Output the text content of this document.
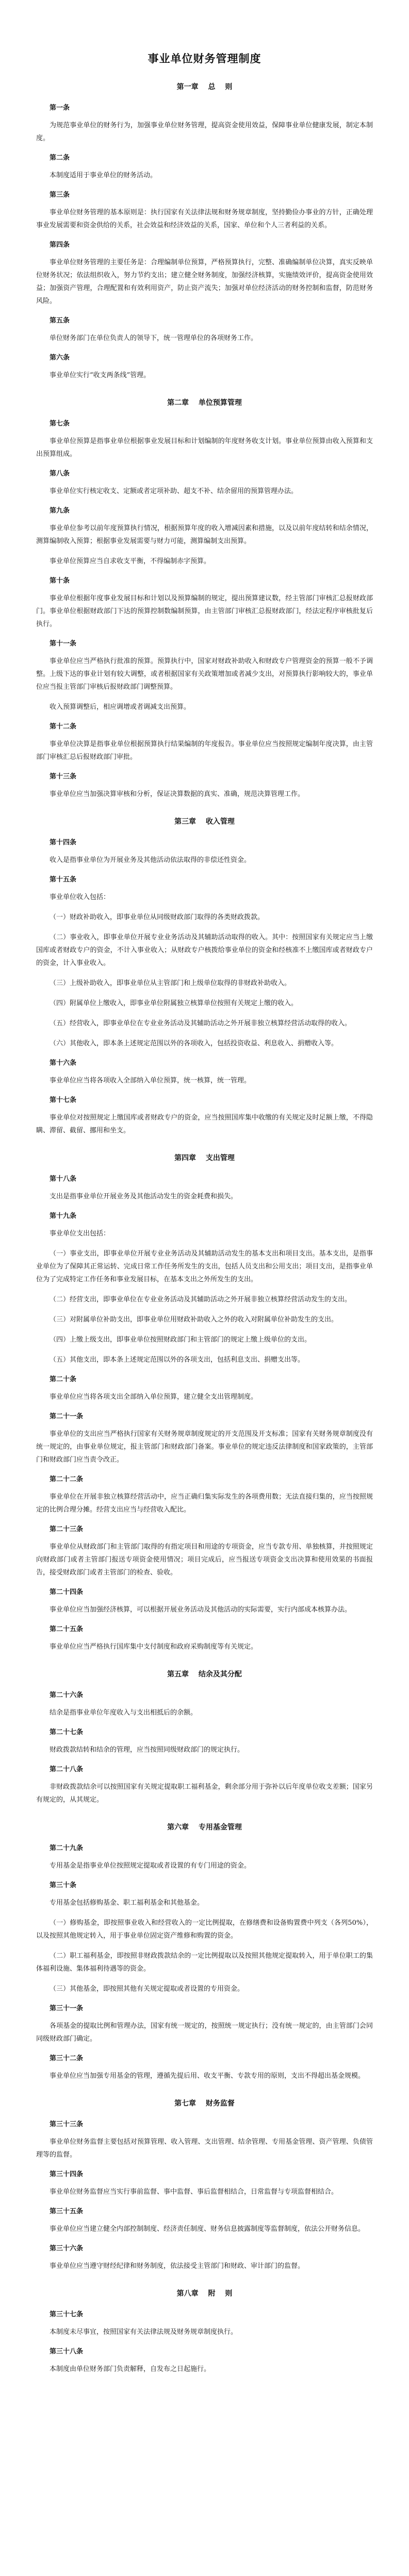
事业单位财务管理制度
第一章 总 则
第一条
为规范事业单位的财务行为，加强事业单位财务管理，提高资金使用效益，保障事业单位健康发展，制定本制度。
第二条
本制度适用于事业单位的财务活动。
第三条
事业单位财务管理的基本原则是：执行国家有关法律法规和财务规章制度，坚持勤俭办事业的方针，正确处理事业发展需要和资金供给的关系，社会效益和经济效益的关系，国家、单位和个人三者利益的关系。
第四条
事业单位财务管理的主要任务是：合理编制单位预算，严格预算执行，完整、准确编制单位决算，真实反映单位财务状况；依法组织收入，努力节约支出；建立健全财务制度，加强经济核算，实施绩效评价，提高资金使用效益；加强资产管理，合理配置和有效利用资产，防止资产流失；加强对单位经济活动的财务控制和监督，防范财务风险。
第五条
单位财务部门在单位负责人的领导下，统一管理单位的各项财务工作。
第六条
事业单位实行“收支两条线”管理。
第二章 单位预算管理
第七条
事业单位预算是指事业单位根据事业发展目标和计划编制的年度财务收支计划。事业单位预算由收入预算和支出预算组成。
第八条
事业单位实行核定收支、定额或者定项补助、超支不补、结余留用的预算管理办法。
第九条
事业单位参考以前年度预算执行情况，根据预算年度的收入增减因素和措施，以及以前年度结转和结余情况，测算编制收入预算；根据事业发展需要与财力可能，测算编制支出预算。
事业单位预算应当自求收支平衡，不得编制赤字预算。
第十条
事业单位根据年度事业发展目标和计划以及预算编制的规定，提出预算建议数，经主管部门审核汇总报财政部门。事业单位根据财政部门下达的预算控制数编制预算，由主管部门审核汇总报财政部门，经法定程序审核批复后执行。
第十一条
事业单位应当严格执行批准的预算。预算执行中，国家对财政补助收入和财政专户管理资金的预算一般不予调整。上级下达的事业计划有较大调整，或者根据国家有关政策增加或者减少支出，对预算执行影响较大的，事业单位应当报主管部门审核后报财政部门调整预算。
收入预算调整后，相应调增或者调减支出预算。
第十二条
事业单位决算是指事业单位根据预算执行结果编制的年度报告。事业单位应当按照规定编制年度决算，由主管部门审核汇总后报财政部门审批。
第十三条
事业单位应当加强决算审核和分析，保证决算数据的真实、准确，规范决算管理工作。
第三章 收入管理
第十四条
收入是指事业单位为开展业务及其他活动依法取得的非偿还性资金。
第十五条
事业单位收入包括：
（一）财政补助收入，即事业单位从同级财政部门取得的各类财政拨款。
（二）事业收入，即事业单位开展专业业务活动及其辅助活动取得的收入。其中：按照国家有关规定应当上缴国库或者财政专户的资金，不计入事业收入；从财政专户核拨给事业单位的资金和经核准不上缴国库或者财政专户的资金，计入事业收入。
（三）上级补助收入，即事业单位从主管部门和上级单位取得的非财政补助收入。
（四）附属单位上缴收入，即事业单位附属独立核算单位按照有关规定上缴的收入。
（五）经营收入，即事业单位在专业业务活动及其辅助活动之外开展非独立核算经营活动取得的收入。
（六）其他收入，即本条上述规定范围以外的各项收入，包括投资收益、利息收入、捐赠收入等。
第十六条
事业单位应当将各项收入全部纳入单位预算，统一核算，统一管理。
第十七条
事业单位对按照规定上缴国库或者财政专户的资金，应当按照国库集中收缴的有关规定及时足额上缴，不得隐瞒、滞留、截留、挪用和坐支。
第四章 支出管理
第十八条
支出是指事业单位开展业务及其他活动发生的资金耗费和损失。
第十九条
事业单位支出包括：
（一）事业支出，即事业单位开展专业业务活动及其辅助活动发生的基本支出和项目支出。基本支出，是指事业单位为了保障其正常运转、完成日常工作任务所发生的支出，包括人员支出和公用支出；项目支出，是指事业单位为了完成特定工作任务和事业发展目标，在基本支出之外所发生的支出。
（二）经营支出，即事业单位在专业业务活动及其辅助活动之外开展非独立核算经营活动发生的支出。
（三）对附属单位补助支出，即事业单位用财政补助收入之外的收入对附属单位补助发生的支出。
（四）上缴上级支出，即事业单位按照财政部门和主管部门的规定上缴上级单位的支出。
（五）其他支出，即本条上述规定范围以外的各项支出，包括利息支出、捐赠支出等。
第二十条
事业单位应当将各项支出全部纳入单位预算，建立健全支出管理制度。
第二十一条
事业单位的支出应当严格执行国家有关财务规章制度规定的开支范围及开支标准；国家有关财务规章制度没有统一规定的，由事业单位规定，报主管部门和财政部门备案。事业单位的规定违反法律制度和国家政策的，主管部门和财政部门应当责令改正。
第二十二条
事业单位在开展非独立核算经营活动中，应当正确归集实际发生的各项费用数；无法直接归集的，应当按照规定的比例合理分摊。经营支出应当与经营收入配比。
第二十三条
事业单位从财政部门和主管部门取得的有指定项目和用途的专项资金，应当专款专用、单独核算，并按照规定向财政部门或者主管部门报送专项资金使用情况；项目完成后，应当报送专项资金支出决算和使用效果的书面报告，接受财政部门或者主管部门的检查、验收。
第二十四条
事业单位应当加强经济核算，可以根据开展业务活动及其他活动的实际需要，实行内部成本核算办法。
第二十五条
事业单位应当严格执行国库集中支付制度和政府采购制度等有关规定。
第五章 结余及其分配
第二十六条
结余是指事业单位年度收入与支出相抵后的余额。
第二十七条
财政拨款结转和结余的管理，应当按照同级财政部门的规定执行。
第二十八条
非财政拨款结余可以按照国家有关规定提取职工福利基金，剩余部分用于弥补以后年度单位收支差额；国家另有规定的，从其规定。
第六章 专用基金管理
第二十九条
专用基金是指事业单位按照规定提取或者设置的有专门用途的资金。
第三十条
专用基金包括修购基金、职工福利基金和其他基金。
（一）修购基金，即按照事业收入和经营收入的一定比例提取，在修缮费和设备购置费中列支（各列50%），以及按照其他规定转入，用于事业单位固定资产维修和购置的资金。
（二）职工福利基金，即按照非财政拨款结余的一定比例提取以及按照其他规定提取转入，用于单位职工的集体福利设施、集体福利待遇等的资金。
（三）其他基金，即按照其他有关规定提取或者设置的专用资金。
第三十一条
各项基金的提取比例和管理办法，国家有统一规定的，按照统一规定执行；没有统一规定的，由主管部门会同同级财政部门确定。
第三十二条
事业单位应当加强专用基金的管理，遵循先提后用、收支平衡、专款专用的原则，支出不得超出基金规模。
第七章 财务监督
第三十三条
事业单位财务监督主要包括对预算管理、收入管理、支出管理、结余管理、专用基金管理、资产管理、负债管理等的监督。
第三十四条
事业单位财务监督应当实行事前监督、事中监督、事后监督相结合，日常监督与专项监督相结合。
第三十五条
事业单位应当建立健全内部控制制度、经济责任制度、财务信息披露制度等监督制度，依法公开财务信息。
第三十六条
事业单位应当遵守财经纪律和财务制度，依法接受主管部门和财政、审计部门的监督。
第八章 附 则
第三十七条
本制度未尽事宜，按照国家有关法律法规及财务规章制度执行。
第三十八条
本制度由单位财务部门负责解释，自发布之日起施行。
